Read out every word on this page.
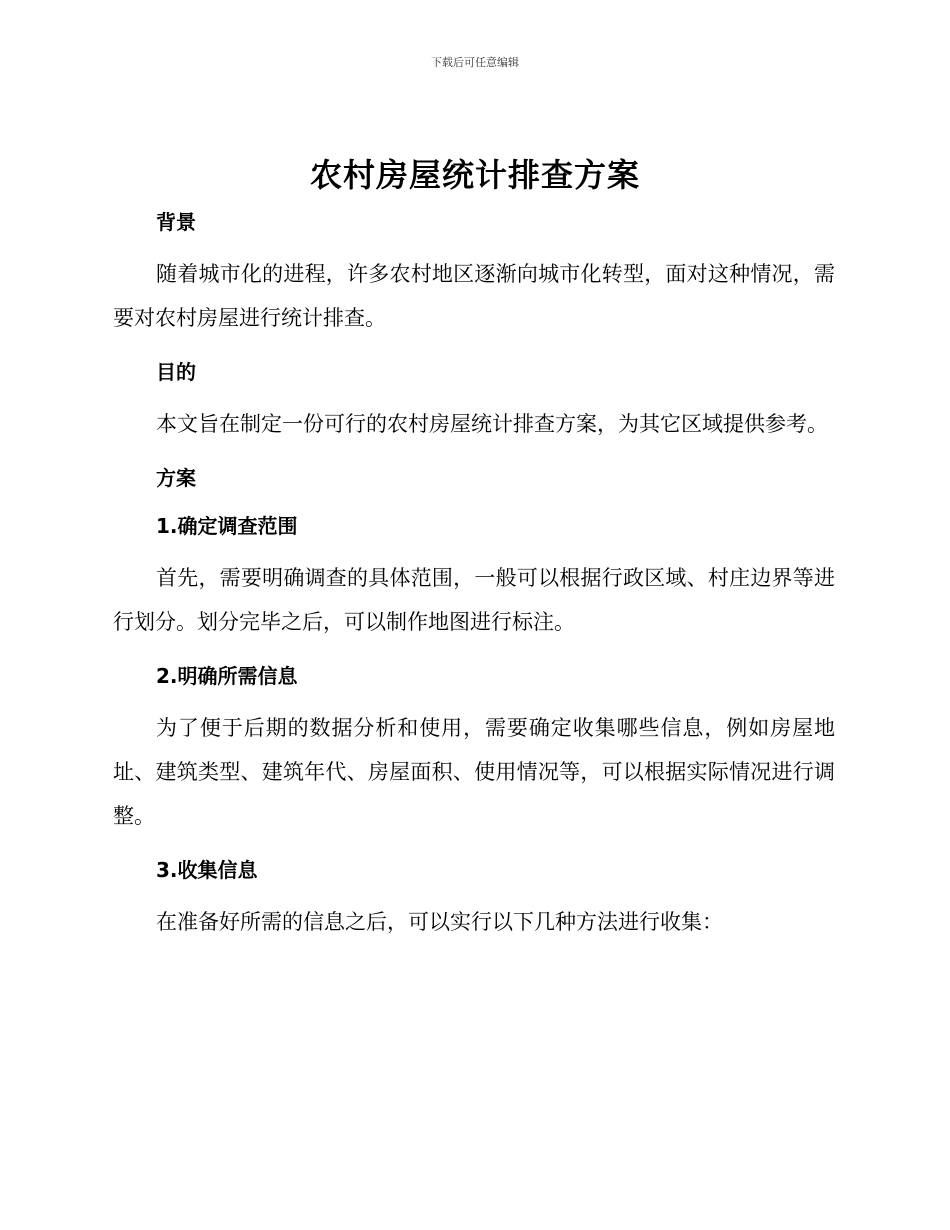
下载后可任意编辑
农村房屋统计排查方案
背景

随着城市化的进程，许多农村地区逐渐向城市化转型，面对这种情况，需要对农村房屋进行统计排查。

目的

本文旨在制定一份可行的农村房屋统计排查方案，为其它区域提供参考。

方案
1.确定调查范围

首先，需要明确调查的具体范围，一般可以根据行政区域、村庄边界等进行划分。划分完毕之后，可以制作地图进行标注。

2.明确所需信息

为了便于后期的数据分析和使用，需要确定收集哪些信息，例如房屋地址、建筑类型、建筑年代、房屋面积、使用情况等，可以根据实际情况进行调整。

3.收集信息

在准备好所需的信息之后，可以实行以下几种方法进行收集：
